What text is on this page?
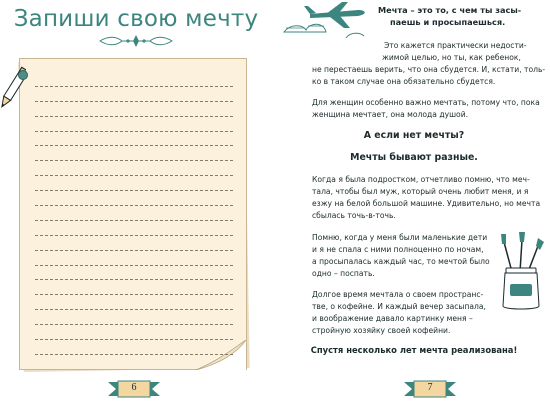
Запиши свою мечту
6
Мечта – это то, с чем ты засы-
паешь и просыпаешься.
Это кажется практически недости-
жимой целью, но ты, как ребенок,
не перестаешь верить, что она сбудется. И, кстати, толь-
ко в таком случае она обязательно сбудется.
Для женщин особенно важно мечтать, потому что, пока
женщина мечтает, она молода душой.
А если нет мечты?
Мечты бывают разные.
Когда я была подростком, отчетливо помню, что меч-
тала, чтобы был муж, который очень любит меня, и я
езжу на белой большой машине. Удивительно, но мечта
сбылась точь-в-точь.
Помню, когда у меня были маленькие дети
и я не спала с ними полноценно по ночам,
а просыпалась каждый час, то мечтой было
одно – поспать.
Долгое время мечтала о своем пространс-
тве, о кофейне. И каждый вечер засыпала,
и воображение давало картинку меня –
стройную хозяйку своей кофейни.
Спустя несколько лет мечта реализована!
7
